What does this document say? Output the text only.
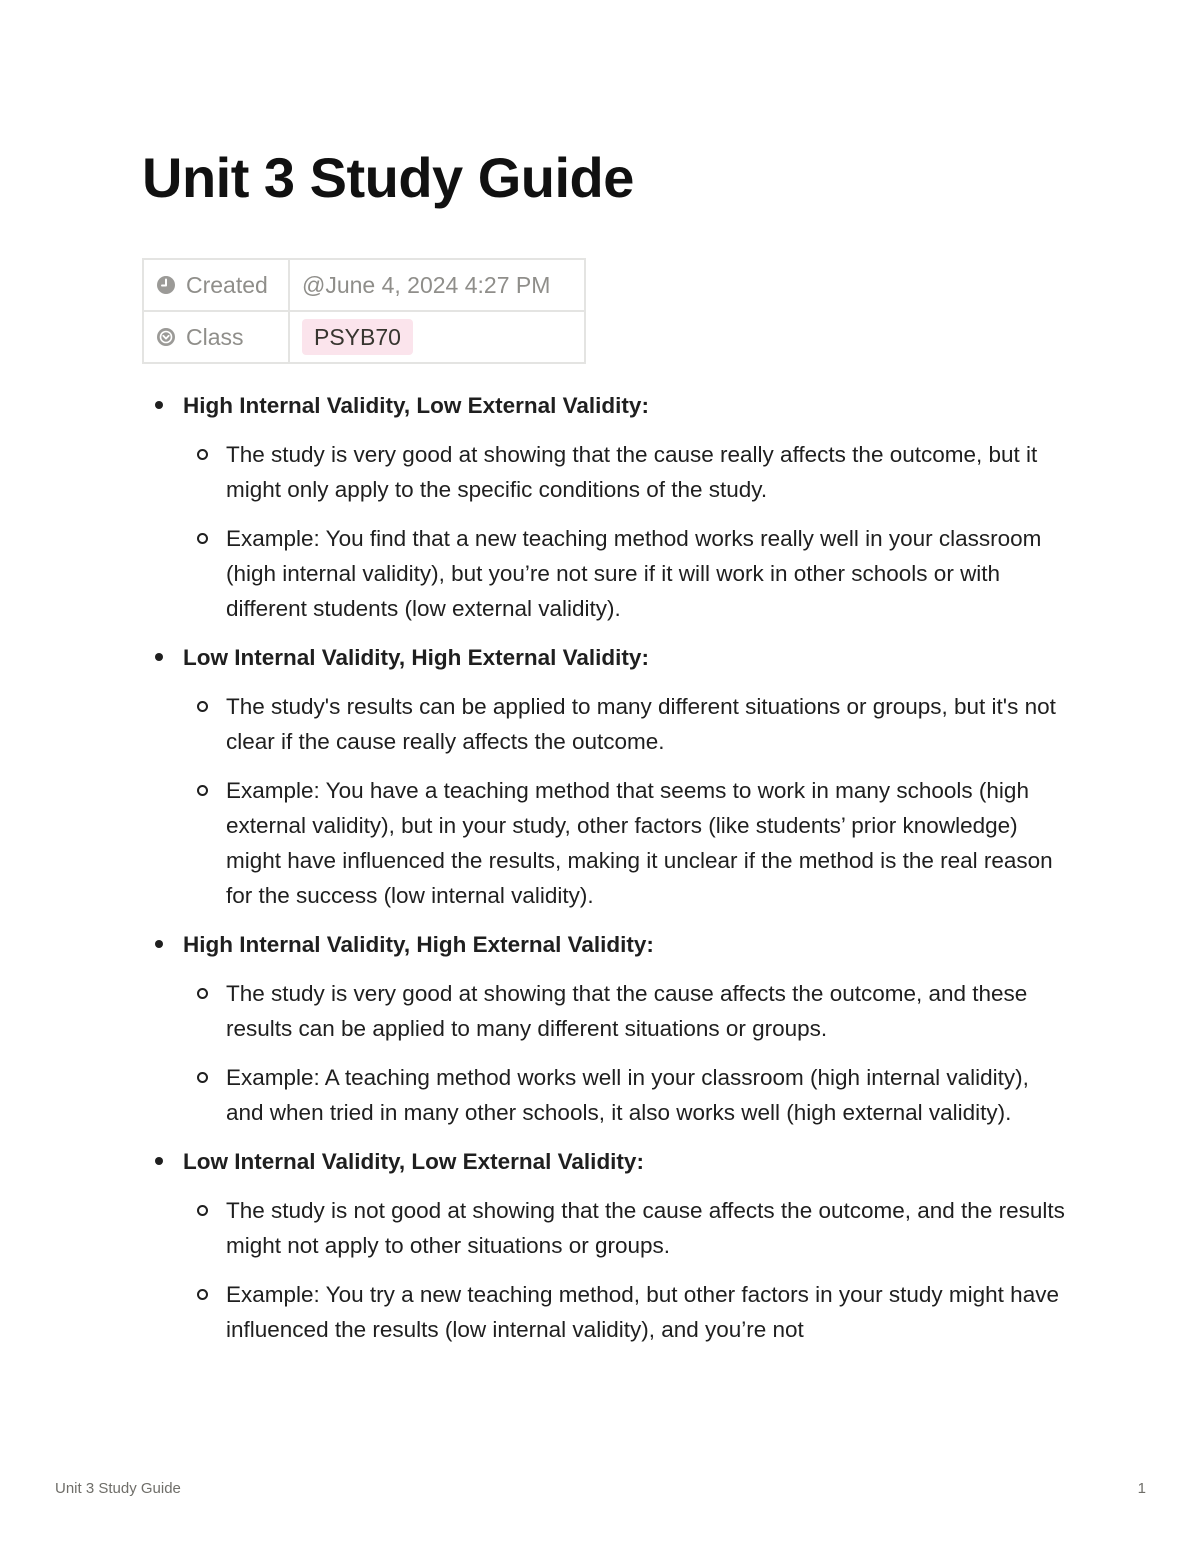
Unit 3 Study Guide
Created	@June 4, 2024 4:27 PM
Class	PSYB70
High Internal Validity, Low External Validity:
The study is very good at showing that the cause really affects the outcome, but it might only apply to the specific conditions of the study.
Example: You find that a new teaching method works really well in your classroom (high internal validity), but you’re not sure if it will work in other schools or with different students (low external validity).
Low Internal Validity, High External Validity:
The study's results can be applied to many different situations or groups, but it's not clear if the cause really affects the outcome.
Example: You have a teaching method that seems to work in many schools (high external validity), but in your study, other factors (like students’ prior knowledge) might have influenced the results, making it unclear if the method is the real reason for the success (low internal validity).
High Internal Validity, High External Validity:
The study is very good at showing that the cause affects the outcome, and these results can be applied to many different situations or groups.
Example: A teaching method works well in your classroom (high internal validity), and when tried in many other schools, it also works well (high external validity).
Low Internal Validity, Low External Validity:
The study is not good at showing that the cause affects the outcome, and the results might not apply to other situations or groups.
Example: You try a new teaching method, but other factors in your study might have influenced the results (low internal validity), and you’re not
Unit 3 Study Guide	1
